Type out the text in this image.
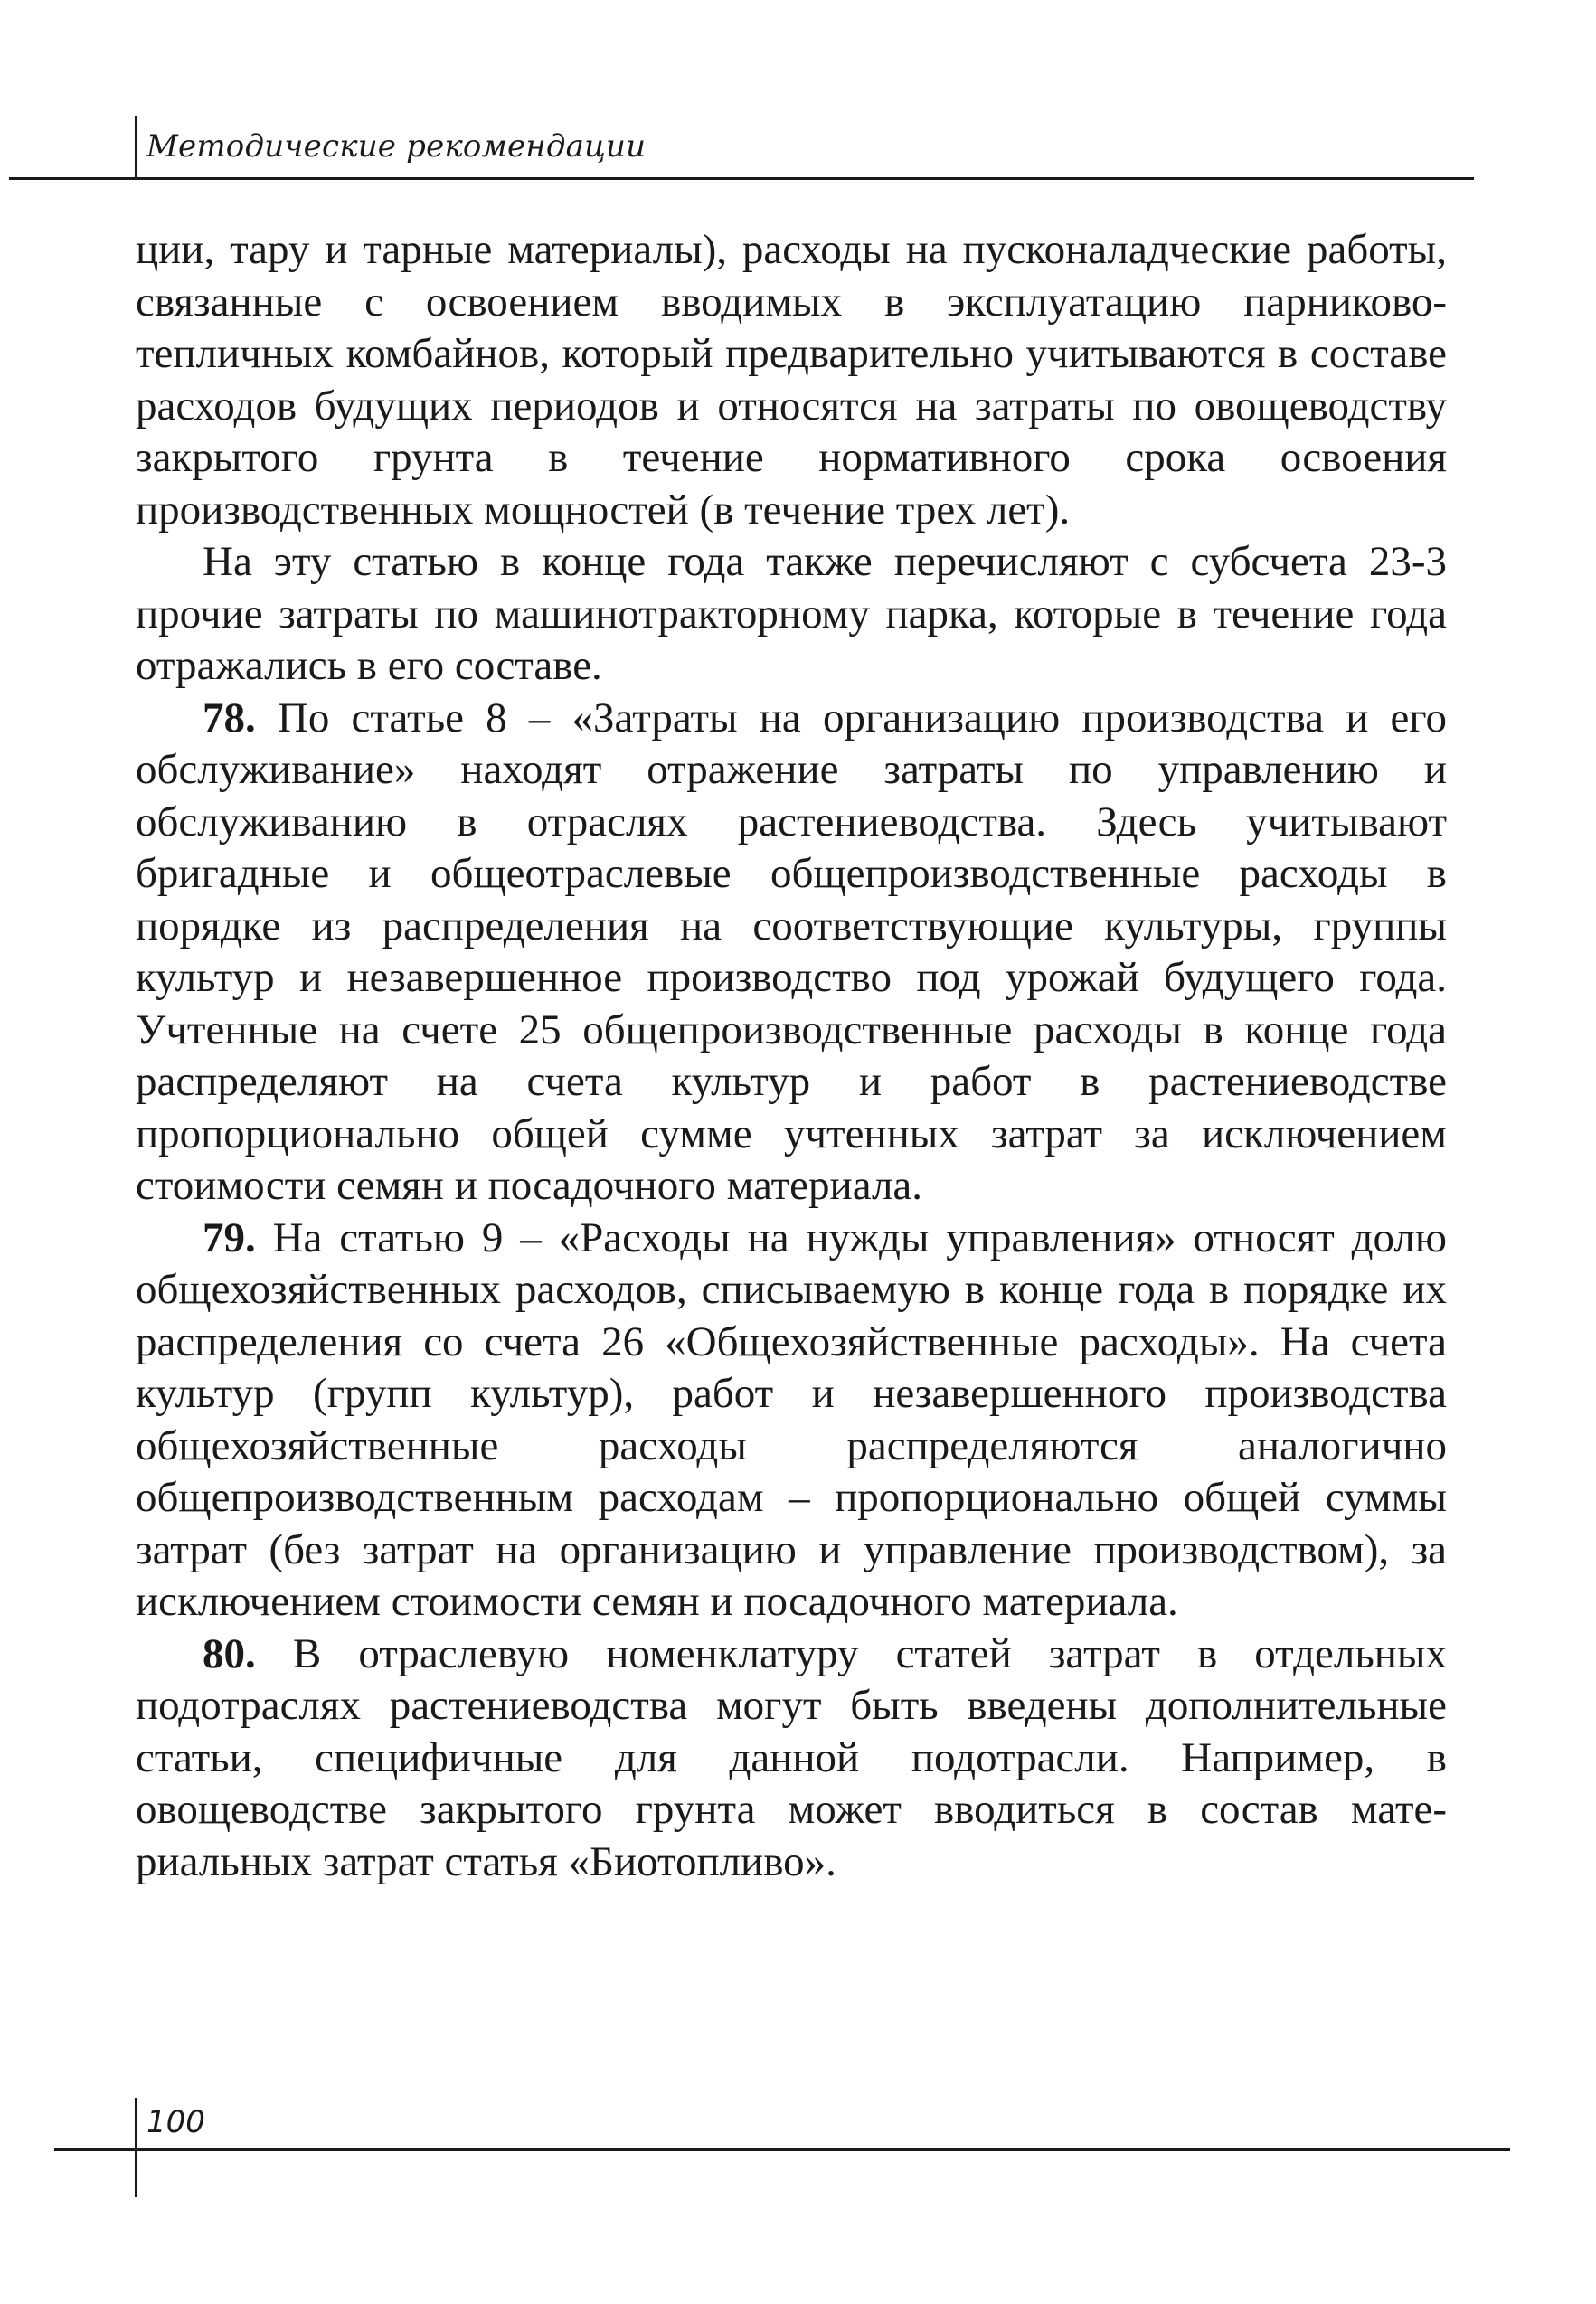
Методические рекомендации

ции, тару и тарные материалы), расходы на пусконаладческие работы, связанные с освоением вводимых в эксплуатацию парниково-тепличных комбайнов, который предварительно учитываются в составе расходов будущих периодов и относятся на затраты по овощеводству закрытого грунта в течение нормативного срока освоения производственных мощностей (в течение трех лет).

На эту статью в конце года также перечисляют с субсчета 23-3 прочие затраты по машинотракторному парка, которые в течение года отражались в его составе.

78. По статье 8 – «Затраты на организацию производства и его обслуживание» находят отражение затраты по управлению и обслуживанию в отраслях растениеводства. Здесь учитывают бригадные и общеотраслевые общепроизводственные расходы в порядке из распределения на соответствующие культуры, группы культур и незавершенное производство под урожай будущего года. Учтенные на счете 25 общепроизводственные расходы в конце года распределяют на счета культур и работ в растениеводстве пропорционально общей сумме учтенных затрат за исключением стоимости семян и посадочного материала.

79. На статью 9 – «Расходы на нужды управления» относят долю общехозяйственных расходов, списываемую в конце года в порядке их распределения со счета 26 «Общехозяйственные расходы». На счета культур (групп культур), работ и незавершенного производства общехозяйственные расходы распределяются аналогично общепроизводственным расходам – пропорционально общей суммы затрат (без затрат на организацию и управление производством), за исключением стоимости семян и посадочного материала.

80. В отраслевую номенклатуру статей затрат в отдельных подотраслях растениеводства могут быть введены дополнительные статьи, специфичные для данной подотрасли. Например, в овощеводстве закрытого грунта может вводиться в состав материальных затрат статья «Биотопливо».

100
